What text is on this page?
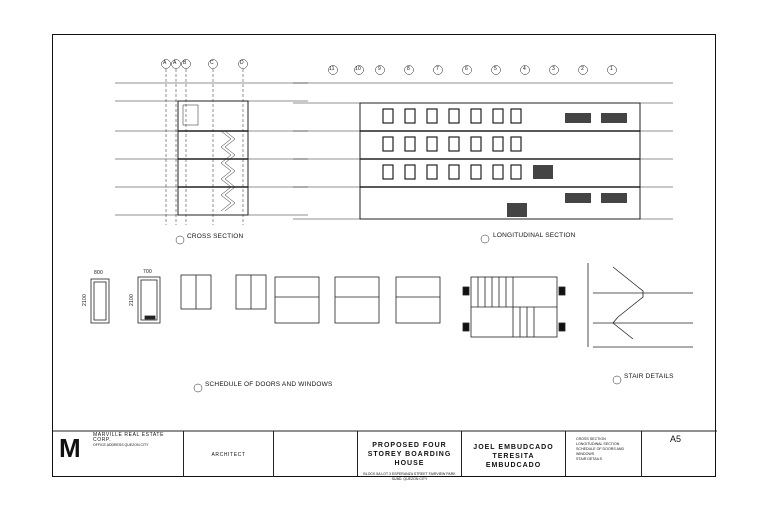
A A B	C	D
11	10	9	8	7	6	5	4	3	2	1
CROSS SECTION	LONGITUDINAL SECTION
SCHEDULE OF DOORS AND WINDOWS
STAIR DETAILS
800	700
2100	2100
M MARVILLE REAL ESTATE CORP.
OFFICE ADDRESS QUEZON CITY
ARCHITECT
PROPOSED FOUR STOREY BOARDING HOUSE
BLOCK 5A LOT 3 ESPERANZA STREET FAIRVIEW PARK SUBD. QUEZON CITY
JOEL EMBUDCADO TERESITA EMBUDCADO
CROSS SECTION
LONGITUDINAL SECTION
SCHEDULE OF DOORS AND WINDOWS
STAIR DETAILS
A5
